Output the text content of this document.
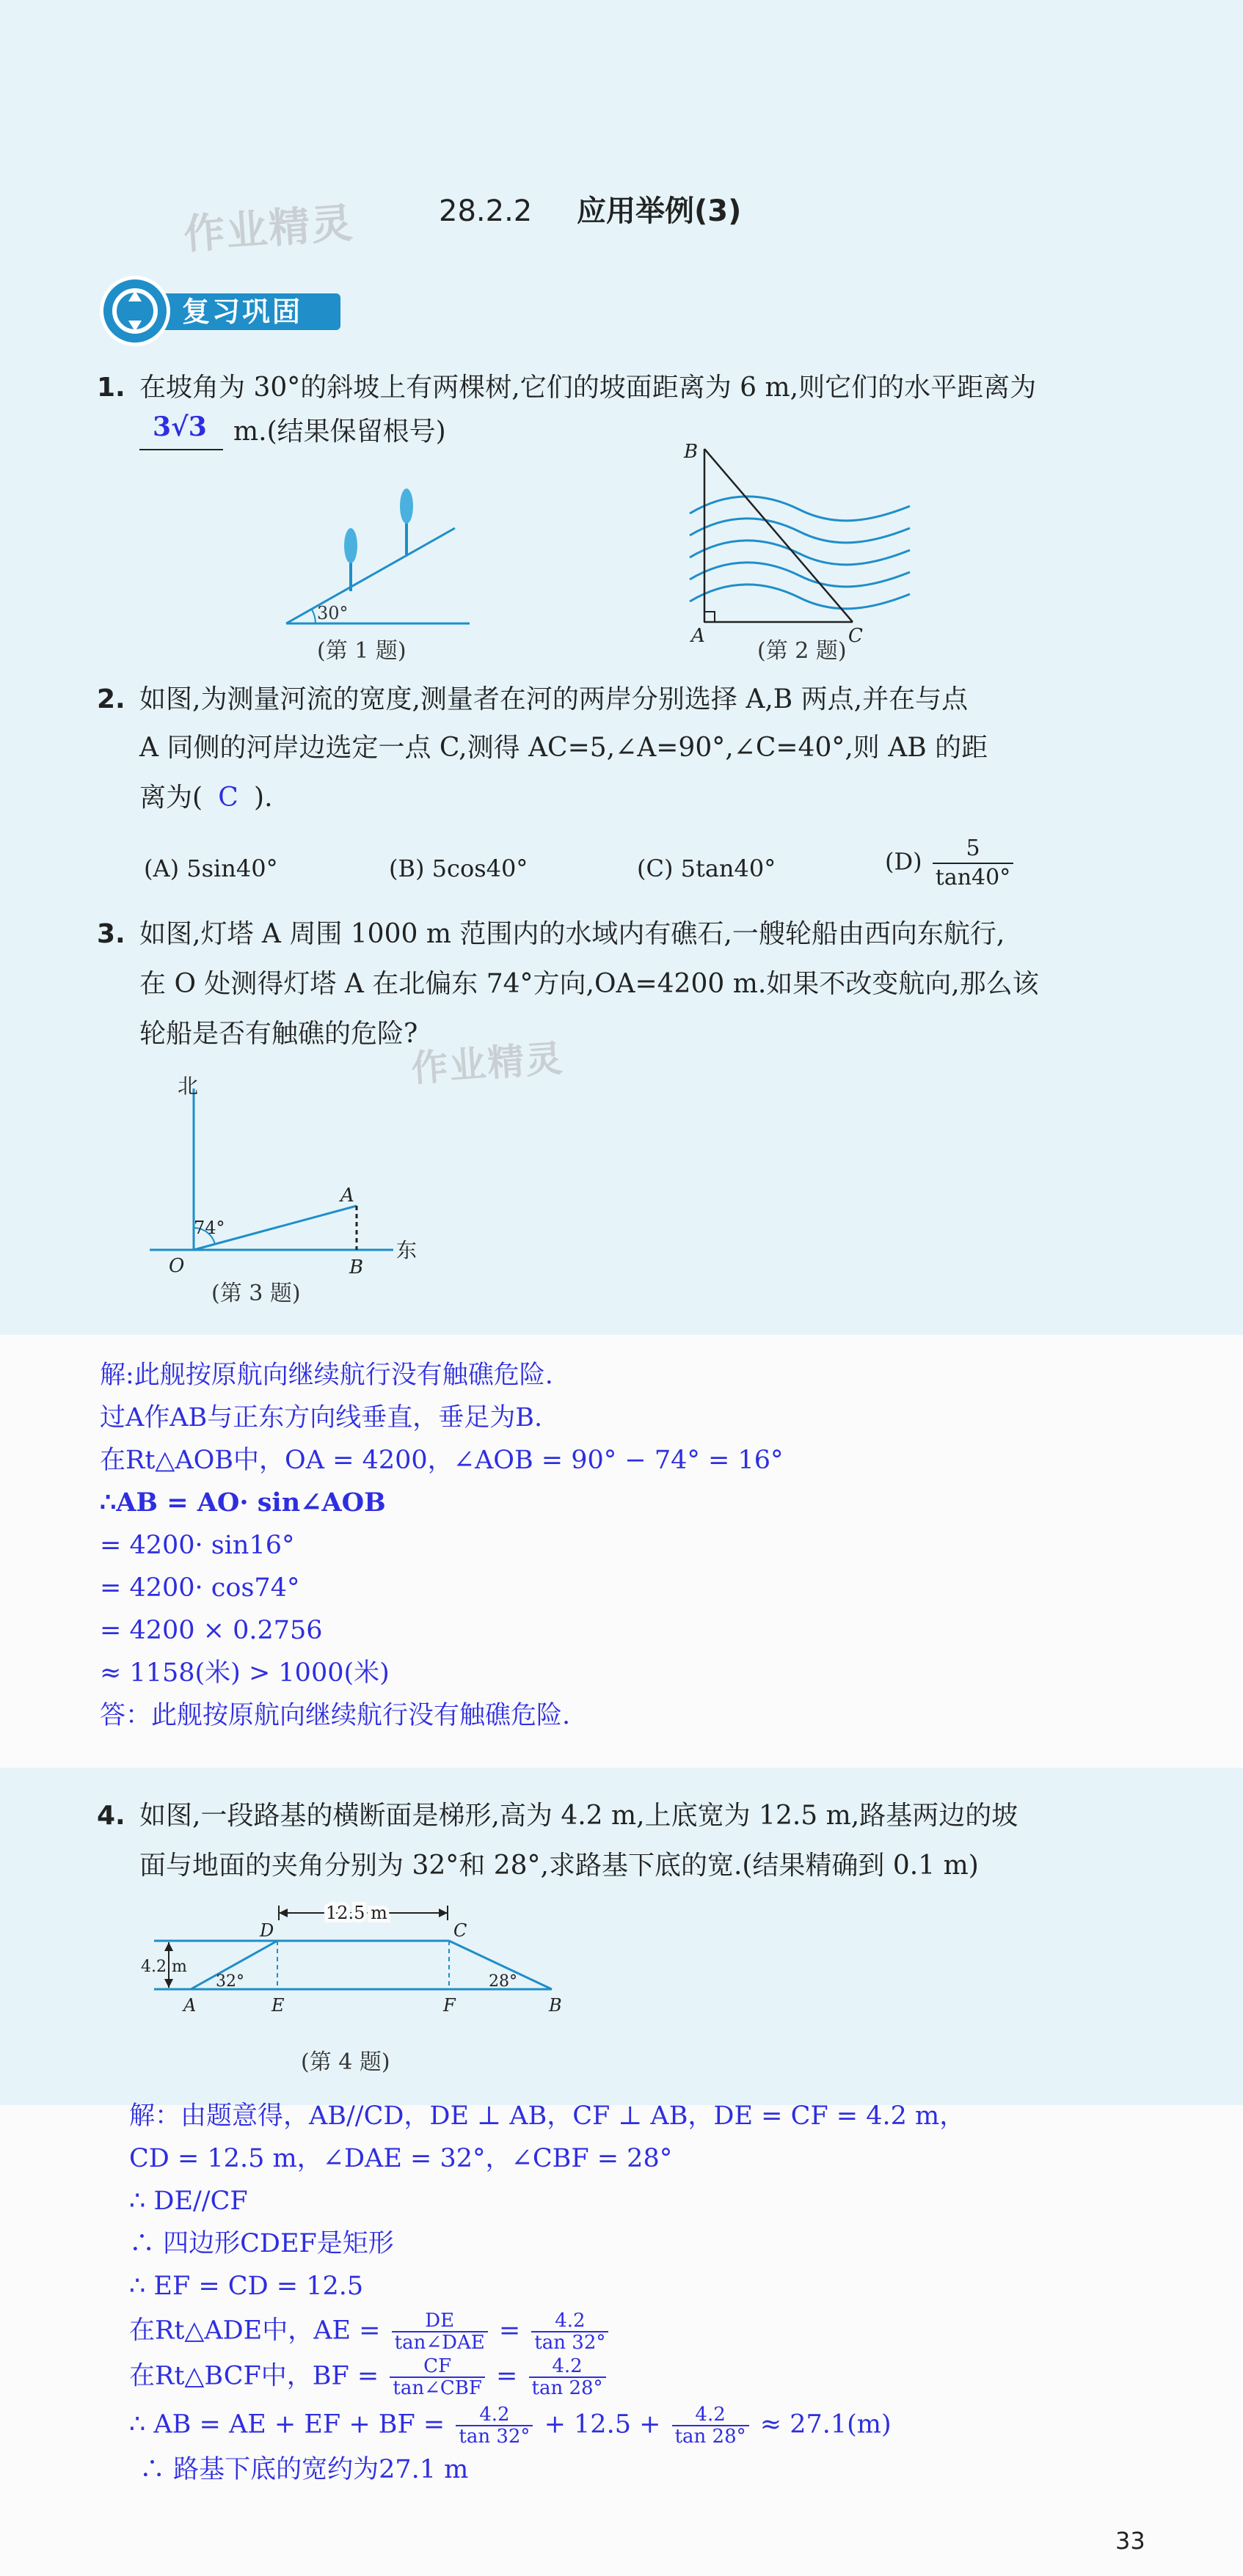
作业精灵	28.2.2 应用举例(3)
复习巩固
1. 在坡角为 30°的斜坡上有两棵树,它们的坡面距离为 6 m,则它们的水平距离为
3√3 m.(结果保留根号)
30°
(第 1 题)
B
A	C
(第 2 题)
2. 如图,为测量河流的宽度,测量者在河的两岸分别选择 A,B 两点,并在与点
A 同侧的河岸边选定一点 C,测得 AC=5,∠A=90°,∠C=40°,则 AB 的距
离为( C ).
(A) 5sin40°	(B) 5cos40°	(C) 5tan40°	$(D) \frac{5}{\tan 40^\circ}$
3. 如图,灯塔 A 周围 1000 m 范围内的水域内有礁石,一艘轮船由西向东航行,
在 O 处测得灯塔 A 在北偏东 74°方向,OA=4200 m.如果不改变航向,那么该
轮船是否有触礁的危险?
作业精灵
北
东
74°
A
O	B
(第 3 题)
解:此舰按原航向继续航行没有触礁危险.
过A作AB与正东方向线垂直，垂足为B.
在Rt△AOB中，OA = 4200，∠AOB = 90° − 74° = 16°
∴AB = AO· sin∠AOB
= 4200· sin16°
= 4200· cos74°
= 4200 × 0.2756
≈ 1158(米) > 1000(米)
答：此舰按原航向继续航行没有触礁危险.
4. 如图,一段路基的横断面是梯形,高为 4.2 m,上底宽为 12.5 m,路基两边的坡
面与地面的夹角分别为 32°和 28°,求路基下底的宽.(结果精确到 0.1 m)
12.5 m
4.2 m
32°	28°
D	C
A	E	F	B
(第 4 题)
解：由题意得，AB//CD，DE ⊥ AB，CF ⊥ AB，DE = CF = 4.2 m，
CD = 12.5 m，∠DAE = 32°，∠CBF = 28°
∴ DE//CF
∴ 四边形CDEF是矩形
∴ EF = CD = 12.5
在Rt△ADE中，AE = $\frac{DE}{\text{tan∠DAE}} = \frac{4.2}{\tan 32^\circ}$
在Rt△BCF中，BF = $\frac{CF}{\text{tan∠CBF}} = \frac{4.2}{\tan 28^\circ}$
∴ AB = AE + EF + BF = $\frac{4.2}{\tan 32^\circ} + 12.5 + \frac{4.2}{\tan 28^\circ} \approx 27.1(m)$
∴ 路基下底的宽约为27.1 m
33
